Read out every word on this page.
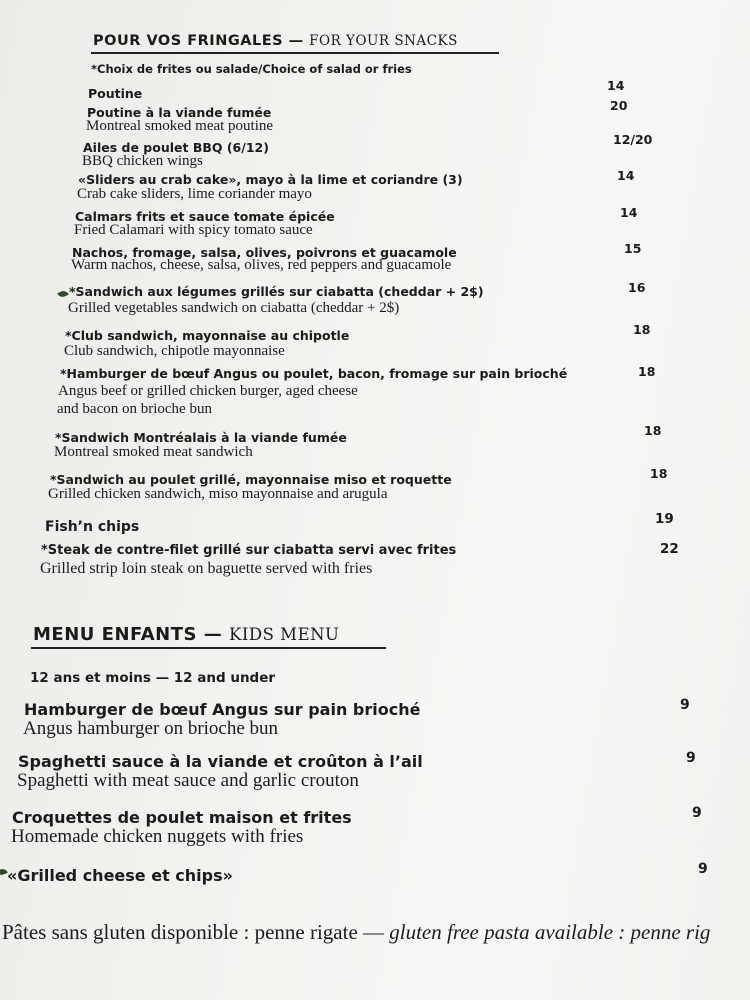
POUR VOS FRINGALES — FOR YOUR SNACKS
*Choix de frites ou salade/Choice of salad or fries
Poutine
14
Poutine à la viande fumée
Montreal smoked meat poutine
20
Ailes de poulet BBQ (6/12)
BBQ chicken wings
12/20
«Sliders au crab cake», mayo à la lime et coriandre (3)
Crab cake sliders, lime coriander mayo
14
Calmars frits et sauce tomate épicée
Fried Calamari with spicy tomato sauce
14
Nachos, fromage, salsa, olives, poivrons et guacamole
Warm nachos, cheese, salsa, olives, red peppers and guacamole
15
*Sandwich aux légumes grillés sur ciabatta (cheddar + 2$)
Grilled vegetables sandwich on ciabatta (cheddar + 2$)
16
*Club sandwich, mayonnaise au chipotle
Club sandwich, chipotle mayonnaise
18
*Hamburger de bœuf Angus ou poulet, bacon, fromage sur pain brioché
Angus beef or grilled chicken burger, aged cheese
and bacon on brioche bun
18
*Sandwich Montréalais à la viande fumée
Montreal smoked meat sandwich
18
*Sandwich au poulet grillé, mayonnaise miso et roquette
Grilled chicken sandwich, miso mayonnaise and arugula
18
Fish’n chips	19
*Steak de contre-filet grillé sur ciabatta servi avec frites
Grilled strip loin steak on baguette served with fries
22
MENU ENFANTS — KIDS MENU
12 ans et moins — 12 and under
Hamburger de bœuf Angus sur pain brioché
Angus hamburger on brioche bun
9
Spaghetti sauce à la viande et croûton à l’ail
Spaghetti with meat sauce and garlic crouton
9
Croquettes de poulet maison et frites
Homemade chicken nuggets with fries
9
«Grilled cheese et chips»	9
Pâtes sans gluten disponible : penne rigate — gluten free pasta available : penne rig
